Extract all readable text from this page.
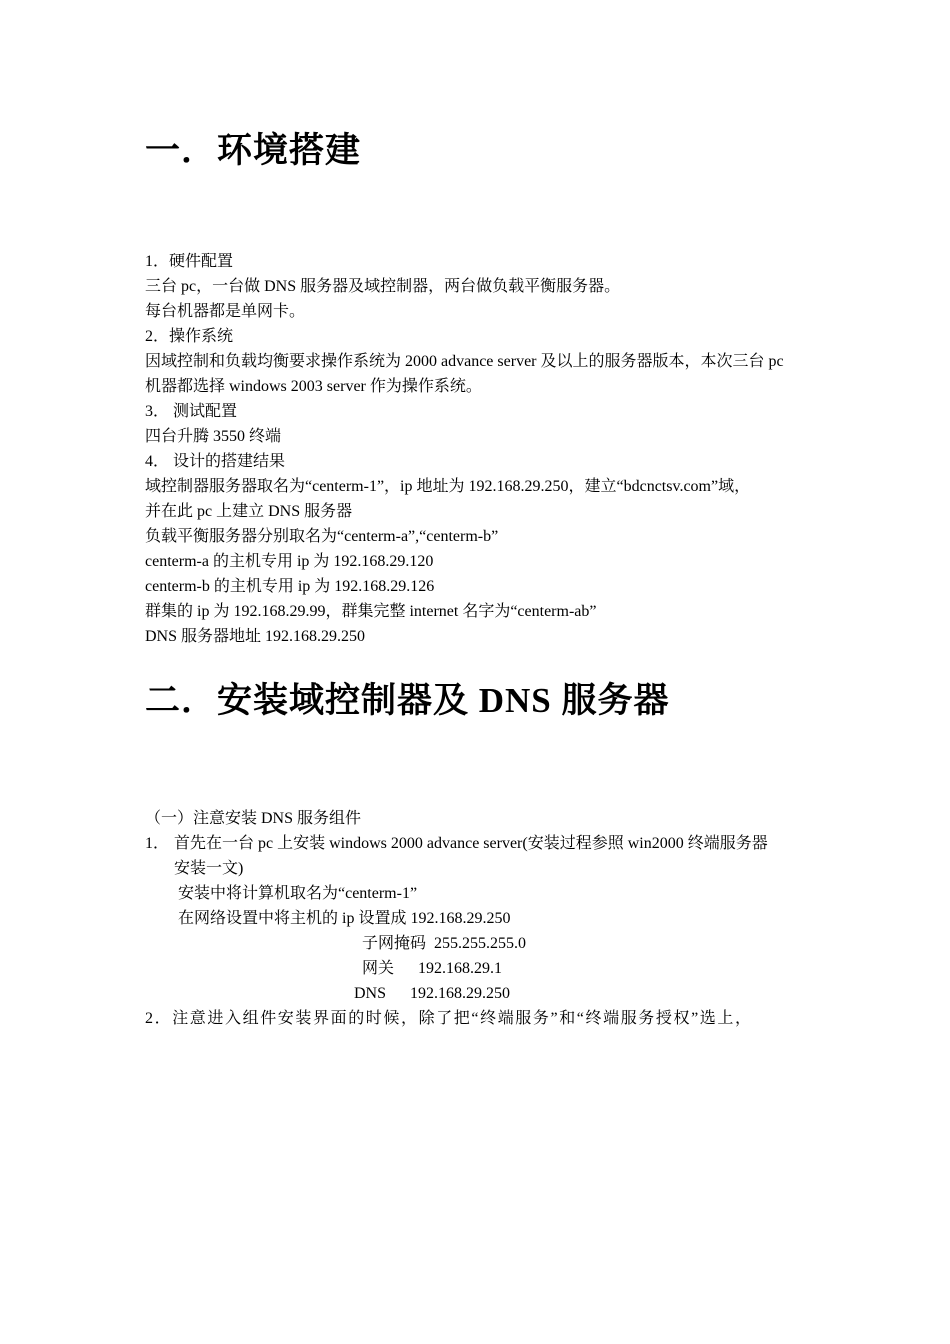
一．环境搭建
1．硬件配置
三台 pc，一台做 DNS 服务器及域控制器，两台做负载平衡服务器。
每台机器都是单网卡。
2．操作系统
因域控制和负载均衡要求操作系统为 2000 advance server 及以上的服务器版本，本次三台 pc
机器都选择 windows 2003 server 作为操作系统。
3． 测试配置
四台升腾 3550 终端
4． 设计的搭建结果
域控制器服务器取名为“centerm-1”，ip 地址为 192.168.29.250，建立“bdcnctsv.com”域，
并在此 pc 上建立 DNS 服务器
负载平衡服务器分别取名为“centerm-a”,“centerm-b”
centerm-a 的主机专用 ip 为 192.168.29.120
centerm-b 的主机专用 ip 为 192.168.29.126
群集的 ip 为 192.168.29.99，群集完整 internet 名字为“centerm-ab”
DNS 服务器地址 192.168.29.250
二．安装域控制器及 DNS 服务器
（一）注意安装 DNS 服务组件
1． 首先在一台 pc 上安装 windows 2000 advance server(安装过程参照 win2000 终端服务器
安装一文)
安装中将计算机取名为“centerm-1”
在网络设置中将主机的 ip 设置成 192.168.29.250
子网掩码  255.255.255.0
网关      192.168.29.1
DNS      192.168.29.250
2．注意进入组件安装界面的时候，除了把“终端服务”和“终端服务授权”选上，
